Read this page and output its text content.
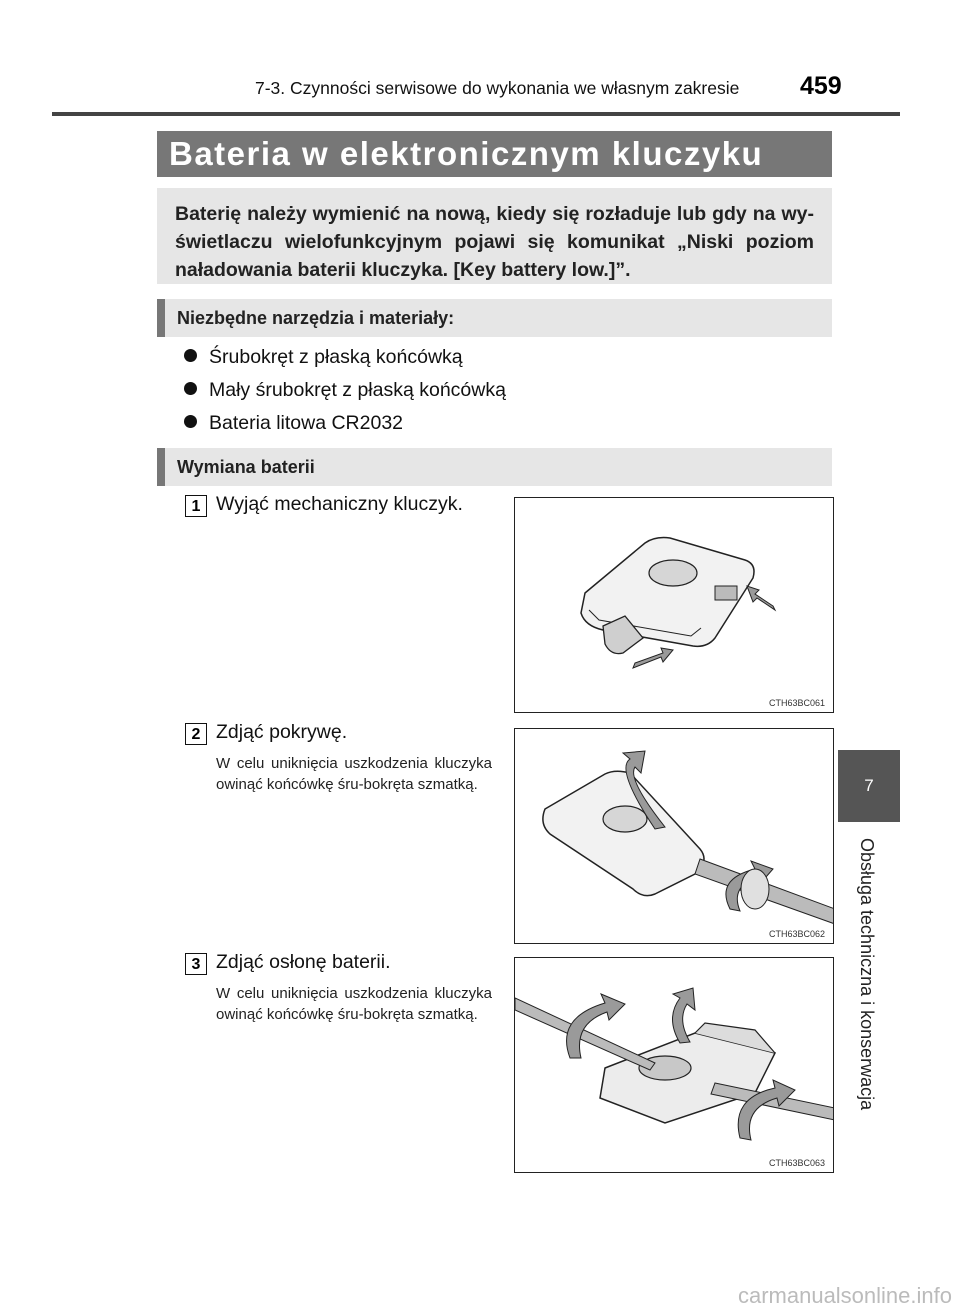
7-3. Czynności serwisowe do wykonania we własnym zakresie 459
7
Obsługa techniczna i konserwacja
Bateria w elektronicznym kluczyku
Baterię należy wymienić na nową, kiedy się rozładuje lub gdy na wy-świetlaczu wielofunkcyjnym pojawi się komunikat „Niski poziom naładowania baterii kluczyka. [Key battery low.]”.
Niezbędne narzędzia i materiały:
Śrubokręt z płaską końcówką
Mały śrubokręt z płaską końcówką
Bateria litowa CR2032
Wymiana baterii
1 Wyjąć mechaniczny kluczyk.
CTH63BC061
2 Zdjąć pokrywę.
W celu uniknięcia uszkodzenia kluczyka owinąć końcówkę śru-bokręta szmatką.
CTH63BC062
3 Zdjąć osłonę baterii.
W celu uniknięcia uszkodzenia kluczyka owinąć końcówkę śru-bokręta szmatką.
CTH63BC063
carmanualsonline.info
